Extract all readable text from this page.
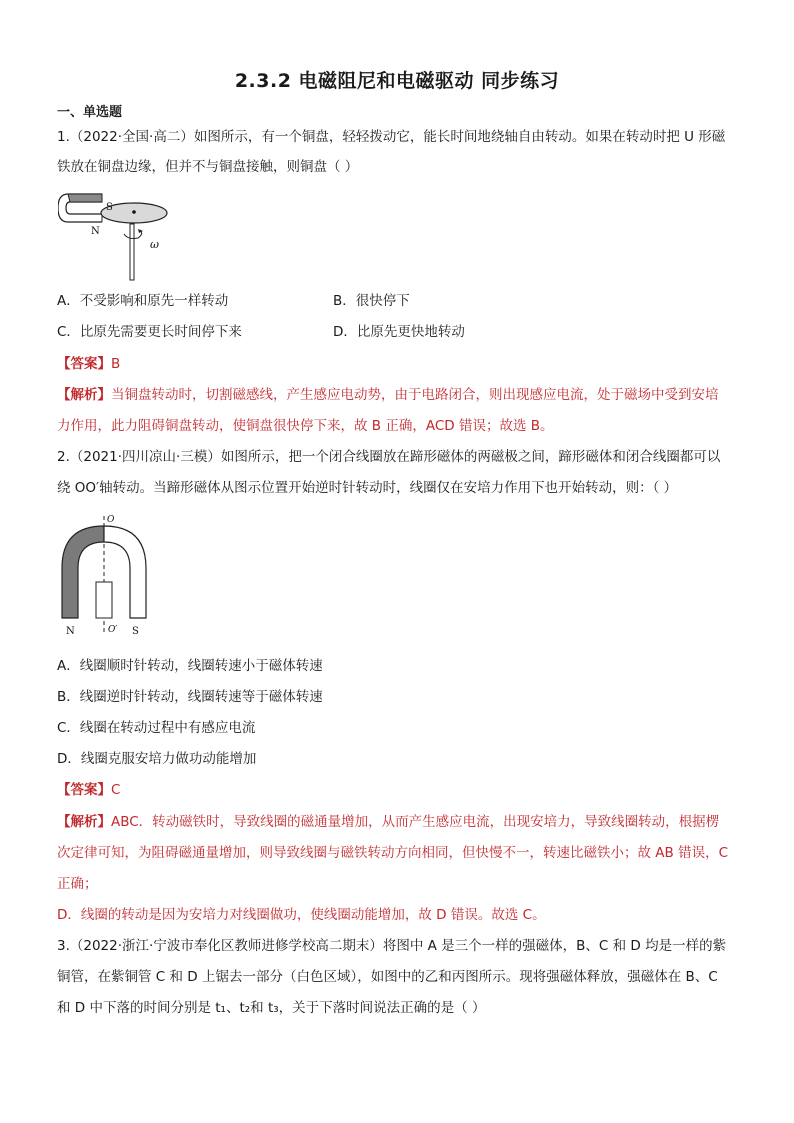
2.3.2 电磁阻尼和电磁驱动 同步练习
一、单选题
1.（2022·全国·高二）如图所示，有一个铜盘，轻轻拨动它，能长时间地绕轴自由转动。如果在转动时把 U 形磁
铁放在铜盘边缘，但并不与铜盘接触，则铜盘（ ）
S
N
ω
A．不受影响和原先一样转动	B．很快停下
C．比原先需要更长时间停下来	D．比原先更快地转动
【答案】B
【解析】当铜盘转动时，切割磁感线，产生感应电动势，由于电路闭合，则出现感应电流，处于磁场中受到安培
力作用，此力阻碍铜盘转动，使铜盘很快停下来，故 B 正确，ACD 错误；故选 B。
2.（2021·四川凉山·三模）如图所示，把一个闭合线圈放在蹄形磁体的两磁极之间，蹄形磁体和闭合线圈都可以
绕 OO′轴转动。当蹄形磁体从图示位置开始逆时针转动时，线圈仅在安培力作用下也开始转动，则：（ ）
O
N	O′ S
A．线圈顺时针转动，线圈转速小于磁体转速
B．线圈逆时针转动，线圈转速等于磁体转速
C．线圈在转动过程中有感应电流
D．线圈克服安培力做功动能增加
【答案】C
【解析】ABC．转动磁铁时，导致线圈的磁通量增加，从而产生感应电流，出现安培力，导致线圈转动，根据楞
次定律可知，为阻碍磁通量增加，则导致线圈与磁铁转动方向相同，但快慢不一，转速比磁铁小；故 AB 错误，C
正确；
D．线圈的转动是因为安培力对线圈做功，使线圈动能增加，故 D 错误。故选 C。
3.（2022·浙江·宁波市奉化区教师进修学校高二期末）将图中 A 是三个一样的强磁体，B、C 和 D 均是一样的紫
铜管，在紫铜管 C 和 D 上锯去一部分（白色区域），如图中的乙和丙图所示。现将强磁体释放，强磁体在 B、C
和 D 中下落的时间分别是 t₁、t₂和 t₃，关于下落时间说法正确的是（ ）
